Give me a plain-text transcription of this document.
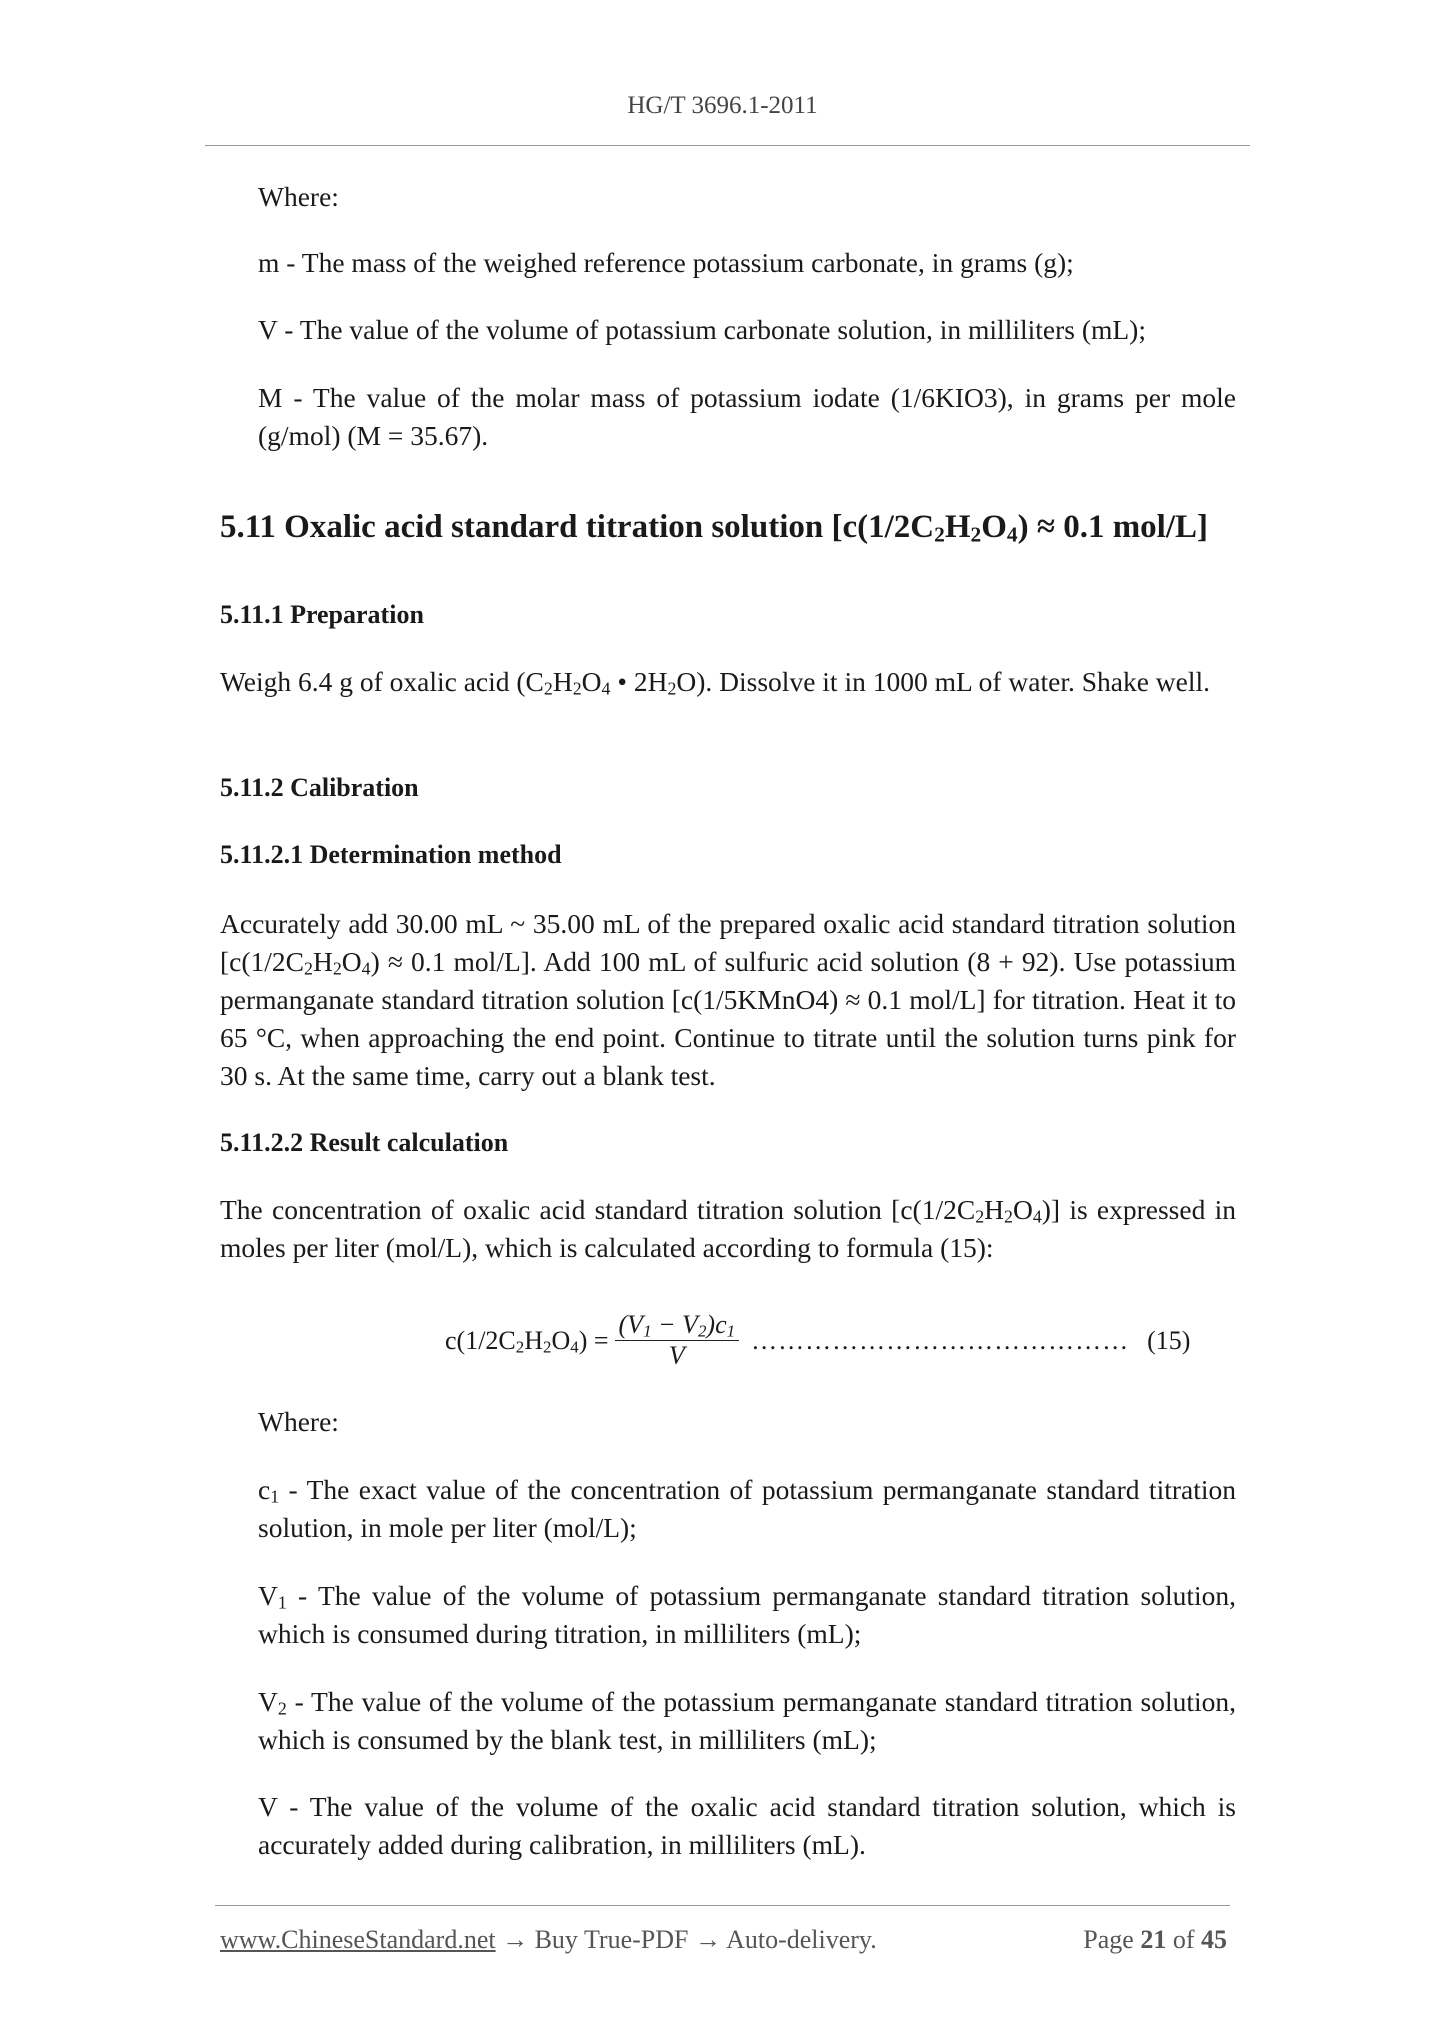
HG/T 3696.1-2011
Where:
m - The mass of the weighed reference potassium carbonate, in grams (g);
V - The value of the volume of potassium carbonate solution, in milliliters (mL);
M - The value of the molar mass of potassium iodate (1/6KIO3), in grams per mole (g/mol) (M = 35.67).
5.11 Oxalic acid standard titration solution [$c(1/2C_2H_2O_4) \approx 0.1$ mol/L]
5.11.1 Preparation
Weigh 6.4 g of oxalic acid ($C_2H_2O_4$ • $2H_2O$). Dissolve it in 1000 mL of water. Shake well.
5.11.2 Calibration
5.11.2.1 Determination method
Accurately add 30.00 mL ~ 35.00 mL of the prepared oxalic acid standard titration solution [$c(1/2C_2H_2O_4) \approx 0.1$ mol/L]. Add 100 mL of sulfuric acid solution (8 + 92). Use potassium permanganate standard titration solution [c(1/5KMnO4) ≈ 0.1 mol/L] for titration. Heat it to 65 °C, when approaching the end point. Continue to titrate until the solution turns pink for 30 s. At the same time, carry out a blank test.
5.11.2.2 Result calculation
The concentration of oxalic acid standard titration solution $[c(1/2C_2H_2O_4)]$ is expressed in moles per liter (mol/L), which is calculated according to formula (15):
$c(1/2C_2H_2O_4) = \frac{(V_1 - V_2)c_1}{V}$ …………………………………… (15)
Where:
$c_1$ - The exact value of the concentration of potassium permanganate standard titration solution, in mole per liter (mol/L);
$V_1$ - The value of the volume of potassium permanganate standard titration solution, which is consumed during titration, in milliliters (mL);
$V_2$ - The value of the volume of the potassium permanganate standard titration solution, which is consumed by the blank test, in milliliters (mL);
V - The value of the volume of the oxalic acid standard titration solution, which is accurately added during calibration, in milliliters (mL).
www.ChineseStandard.net → Buy True-PDF → Auto-delivery.	Page 21 of 45
